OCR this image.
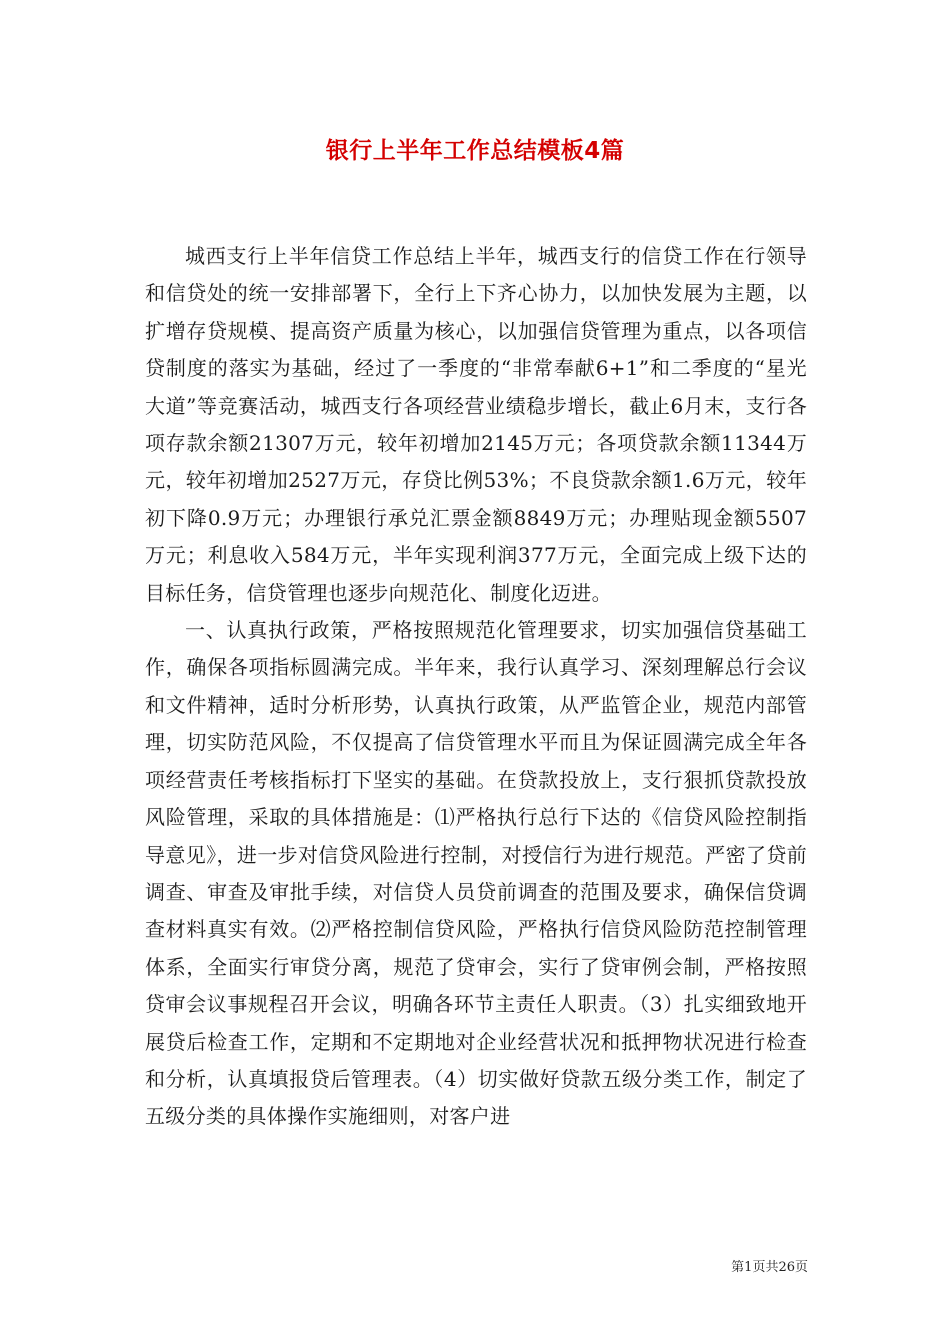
银行上半年工作总结模板4篇

城西支行上半年信贷工作总结上半年，城西支行的信贷工作在行领导和信贷处的统一安排部署下，全行上下齐心协力，以加快发展为主题，以扩增存贷规模、提高资产质量为核心，以加强信贷管理为重点，以各项信贷制度的落实为基础，经过了一季度的“非常奉献6+1”和二季度的“星光大道”等竞赛活动，城西支行各项经营业绩稳步增长，截止6月末，支行各项存款余额21307万元，较年初增加2145万元；各项贷款余额11344万元，较年初增加2527万元，存贷比例53%；不良贷款余额1.6万元，较年初下降0.9万元；办理银行承兑汇票金额8849万元；办理贴现金额5507万元；利息收入584万元，半年实现利润377万元，全面完成上级下达的目标任务，信贷管理也逐步向规范化、制度化迈进。

一、认真执行政策，严格按照规范化管理要求，切实加强信贷基础工作，确保各项指标圆满完成。半年来，我行认真学习、深刻理解总行会议和文件精神，适时分析形势，认真执行政策，从严监管企业，规范内部管理，切实防范风险，不仅提高了信贷管理水平而且为保证圆满完成全年各项经营责任考核指标打下坚实的基础。在贷款投放上，支行狠抓贷款投放风险管理，采取的具体措施是：⑴严格执行总行下达的《信贷风险控制指导意见》，进一步对信贷风险进行控制，对授信行为进行规范。严密了贷前调查、审查及审批手续，对信贷人员贷前调查的范围及要求，确保信贷调查材料真实有效。⑵严格控制信贷风险，严格执行信贷风险防范控制管理体系，全面实行审贷分离，规范了贷审会，实行了贷审例会制，严格按照贷审会议事规程召开会议，明确各环节主责任人职责。（3）扎实细致地开展贷后检查工作，定期和不定期地对企业经营状况和抵押物状况进行检查和分析，认真填报贷后管理表。（4）切实做好贷款五级分类工作，制定了五级分类的具体操作实施细则，对客户进

第1页共26页
